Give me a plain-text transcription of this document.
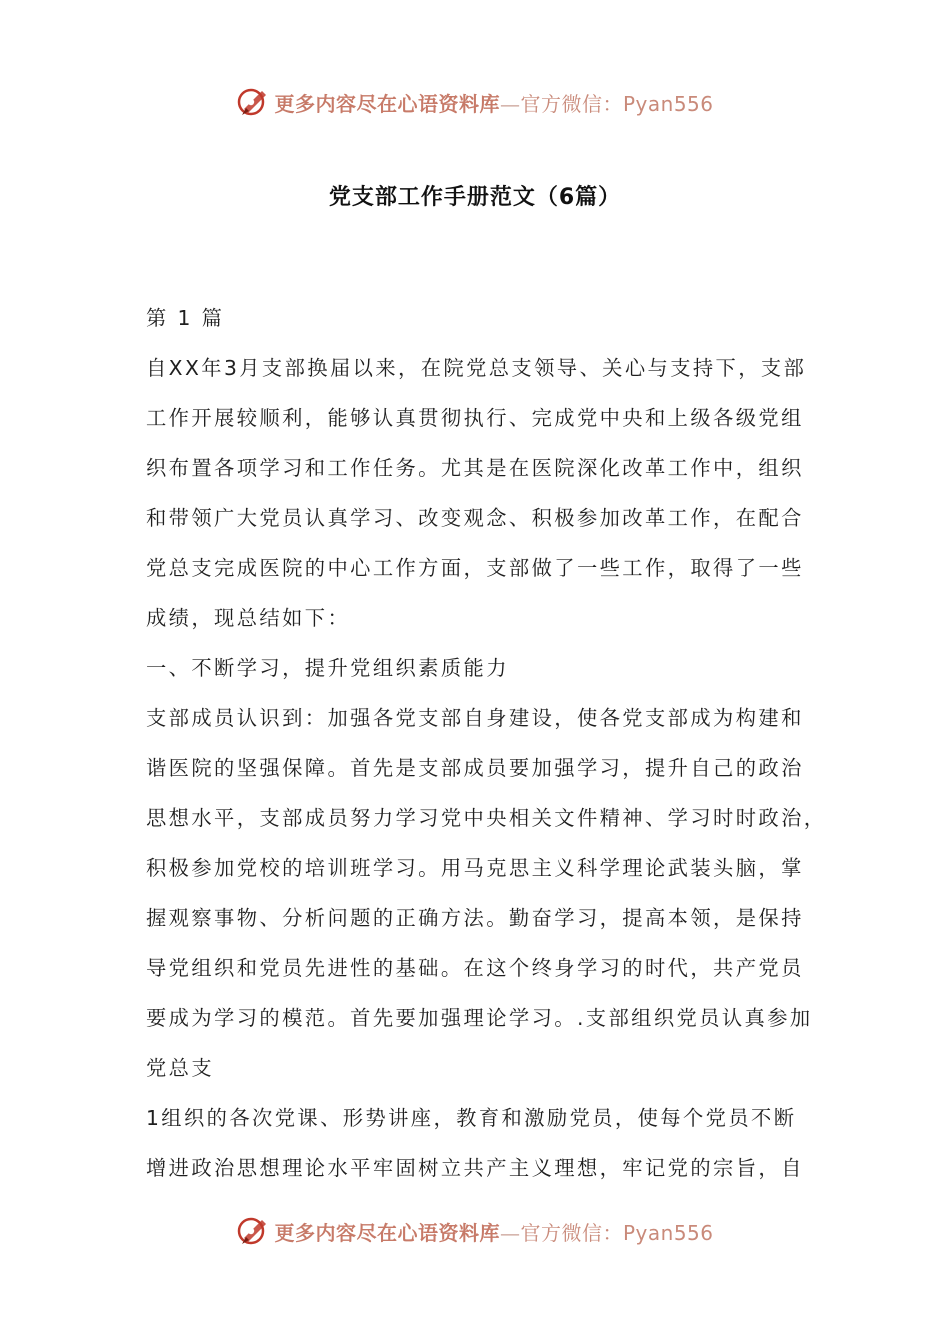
更多内容尽在心语资料库—官方微信：Pyan556
党支部工作手册范文（6篇）
第 1 篇
自XX年3月支部换届以来，在院党总支领导、关心与支持下，支部
工作开展较顺利，能够认真贯彻执行、完成党中央和上级各级党组
织布置各项学习和工作任务。尤其是在医院深化改革工作中，组织
和带领广大党员认真学习、改变观念、积极参加改革工作，在配合
党总支完成医院的中心工作方面，支部做了一些工作，取得了一些
成绩，现总结如下：
一、不断学习，提升党组织素质能力
支部成员认识到：加强各党支部自身建设，使各党支部成为构建和
谐医院的坚强保障。首先是支部成员要加强学习，提升自己的政治
思想水平，支部成员努力学习党中央相关文件精神、学习时时政治，
积极参加党校的培训班学习。用马克思主义科学理论武装头脑，掌
握观察事物、分析问题的正确方法。勤奋学习，提高本领，是保持
导党组织和党员先进性的基础。在这个终身学习的时代，共产党员
要成为学习的模范。首先要加强理论学习。.支部组织党员认真参加
党总支
1组织的各次党课、形势讲座，教育和激励党员，使每个党员不断
增进政治思想理论水平牢固树立共产主义理想，牢记党的宗旨，自
更多内容尽在心语资料库—官方微信：Pyan556
